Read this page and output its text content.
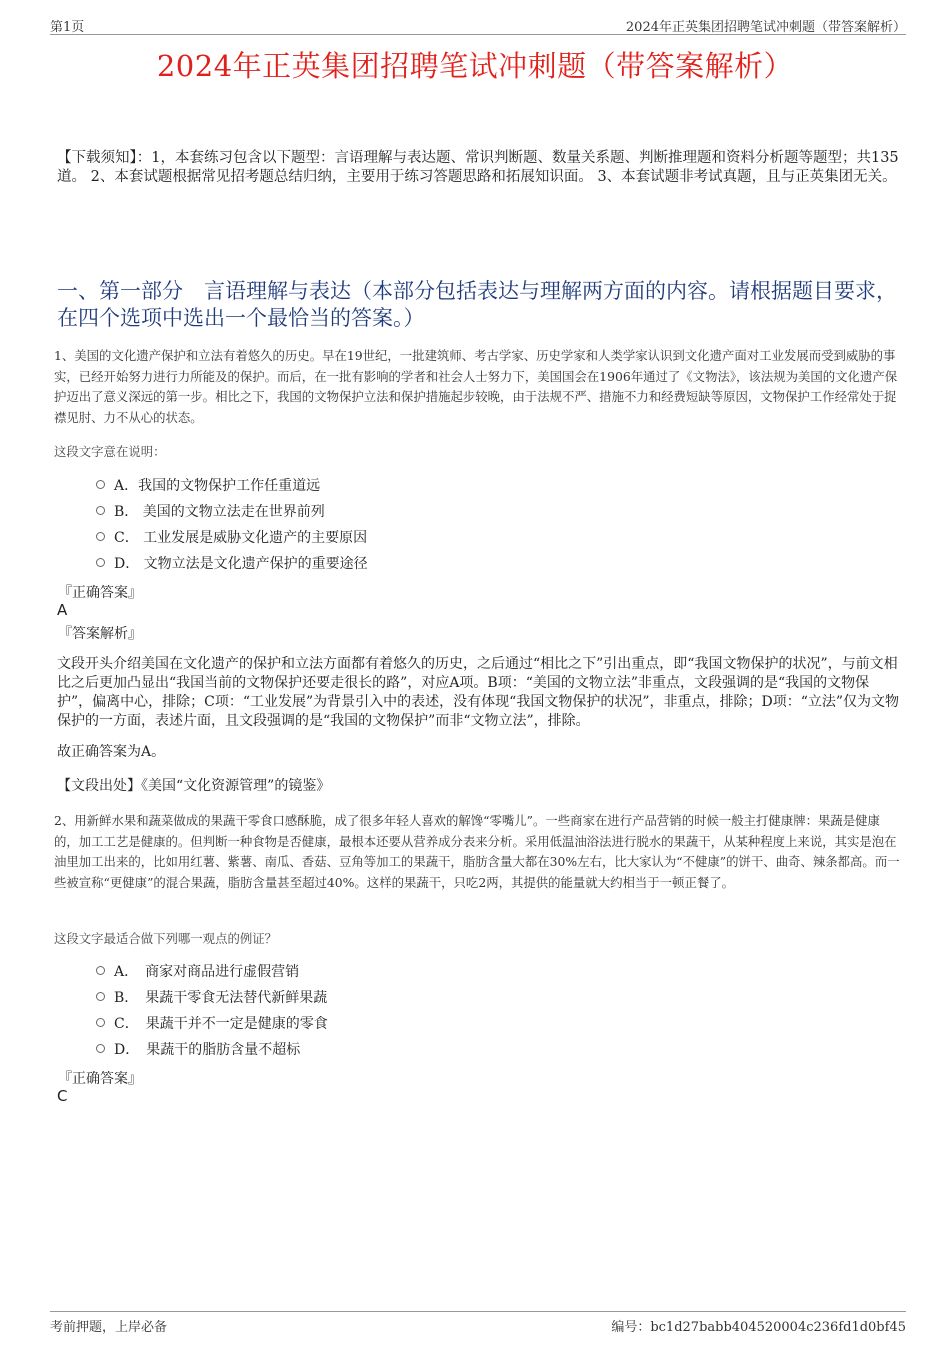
第1页	2024年正英集团招聘笔试冲刺题（带答案解析）
2024年正英集团招聘笔试冲刺题（带答案解析）
【下载须知】：1，本套练习包含以下题型：言语理解与表达题、常识判断题、数量关系题、判断推理题和资料分析题等题型；共135道。 2、本套试题根据常见招考题总结归纳，主要用于练习答题思路和拓展知识面。 3、本套试题非考试真题，且与正英集团无关。
一、第一部分　言语理解与表达（本部分包括表达与理解两方面的内容。请根据题目要求，在四个选项中选出一个最恰当的答案。）
1、美国的文化遗产保护和立法有着悠久的历史。早在19世纪，一批建筑师、考古学家、历史学家和人类学家认识到文化遗产面对工业发展而受到威胁的事实，已经开始努力进行力所能及的保护。而后，在一批有影响的学者和社会人士努力下，美国国会在1906年通过了《文物法》，该法规为美国的文化遗产保护迈出了意义深远的第一步。相比之下，我国的文物保护立法和保护措施起步较晚，由于法规不严、措施不力和经费短缺等原因，文物保护工作经常处于捉襟见肘、力不从心的状态。
这段文字意在说明：
A．我国的文物保护工作任重道远
B． 美国的文物立法走在世界前列
C． 工业发展是威胁文化遗产的主要原因
D． 文物立法是文化遗产保护的重要途径
『正确答案』
A
『答案解析』
文段开头介绍美国在文化遗产的保护和立法方面都有着悠久的历史，之后通过“相比之下”引出重点，即“我国文物保护的状况”，与前文相比之后更加凸显出“我国当前的文物保护还要走很长的路”，对应A项。B项：“美国的文物立法”非重点，文段强调的是“我国的文物保护”，偏离中心，排除；C项：“工业发展”为背景引入中的表述，没有体现“我国文物保护的状况”，非重点，排除；D项：“立法”仅为文物保护的一方面，表述片面，且文段强调的是“我国的文物保护”而非“文物立法”，排除。
故正确答案为A。
【文段出处】《美国“文化资源管理”的镜鉴》
2、用新鲜水果和蔬菜做成的果蔬干零食口感酥脆，成了很多年轻人喜欢的解馋“零嘴儿”。一些商家在进行产品营销的时候一般主打健康牌：果蔬是健康的，加工工艺是健康的。但判断一种食物是否健康，最根本还要从营养成分表来分析。采用低温油浴法进行脱水的果蔬干，从某种程度上来说，其实是泡在油里加工出来的，比如用红薯、紫薯、南瓜、香菇、豆角等加工的果蔬干，脂肪含量大都在30%左右，比大家认为“不健康”的饼干、曲奇、辣条都高。而一些被宣称“更健康”的混合果蔬，脂肪含量甚至超过40%。这样的果蔬干，只吃2两，其提供的能量就大约相当于一顿正餐了。
这段文字最适合做下列哪一观点的例证？
A．　商家对商品进行虚假营销
B．　果蔬干零食无法替代新鲜果蔬
C．　果蔬干并不一定是健康的零食
D．　果蔬干的脂肪含量不超标
『正确答案』
C
考前押题，上岸必备	编号：bc1d27babb404520004c236fd1d0bf45
